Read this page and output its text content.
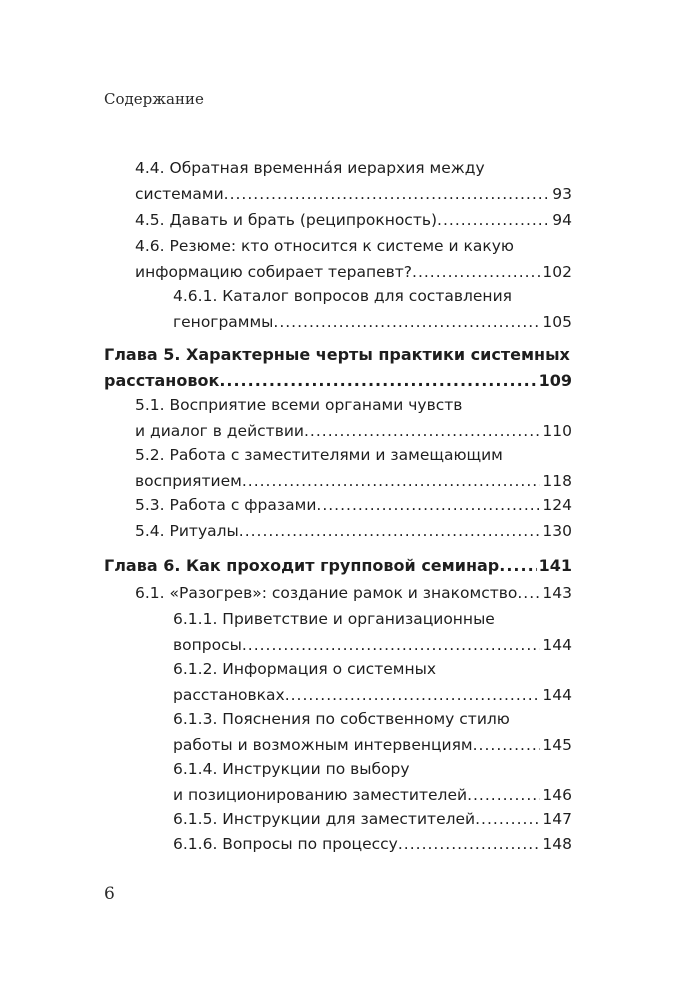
Содержание
4.4. Обратная временна́я иерархия между
системами .....	93
4.5. Давать и брать (реципрокность) .....	94
4.6. Резюме: кто относится к системе и какую
информацию собирает терапевт? .....	102
4.6.1. Каталог вопросов для составления
генограммы .....	105
Глава 5. Характерные черты практики системных
расстановок .....	109
5.1. Восприятие всеми органами чувств
и диалог в действии .....	110
5.2. Работа с заместителями и замещающим
восприятием .....	118
5.3. Работа с фразами .....	124
5.4. Ритуалы .....	130
Глава 6. Как проходит групповой семинар ..... 141
6.1. «Разогрев»: создание рамок и знакомство ..... 143
6.1.1. Приветствие и организационные
вопросы .....	144
6.1.2. Информация о системных
расстановках .....	144
6.1.3. Пояснения по собственному стилю
работы и возможным интервенциям .....	145
6.1.4. Инструкции по выбору
и позиционированию заместителей .....	146
6.1.5. Инструкции для заместителей .....	147
6.1.6. Вопросы по процессу .....	148
6
